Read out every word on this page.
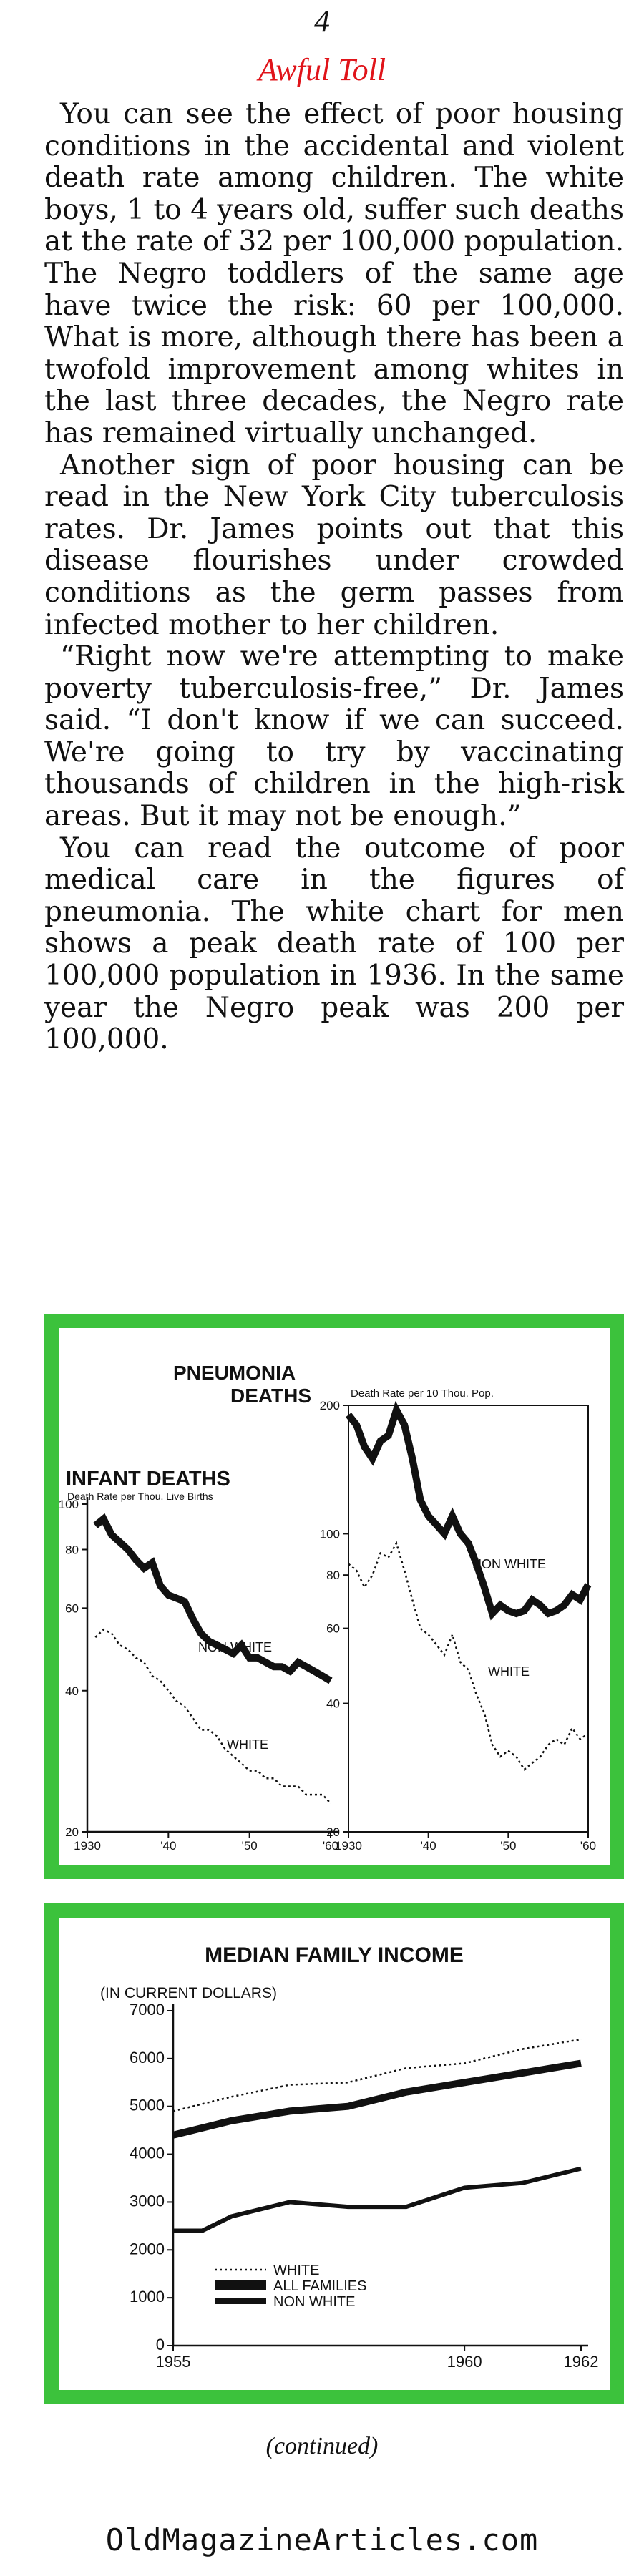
4
Awful Toll

You can see the effect of poor housing conditions in the accidental and violent death rate among children. The white boys, 1 to 4 years old, suffer such deaths at the rate of 32 per 100,000 population. The Negro toddlers of the same age have twice the risk: 60 per 100,000. What is more, although there has been a twofold improvement among whites in the last three decades, the Negro rate has remained virtually unchanged.

Another sign of poor housing can be read in the New York City tuberculosis rates. Dr. James points out that this disease flourishes under crowded conditions as the germ passes from infected mother to her children.

“Right now we're attempting to make poverty tuberculosis-free,” Dr. James said. “I don't know if we can succeed. We're going to try by vaccinating thousands of children in the high-risk areas. But it may not be enough.”

You can read the outcome of poor medical care in the figures of pneumonia. The white chart for men shows a peak death rate of 100 per 100,000 population in 1936. In the same year the Negro peak was 200 per 100,000.

20
40
60
80
100
1930	'40	'50	'60
INFANT DEATHS
Death Rate per Thou. Live Births
NON WHITE
WHITE
20
40
60
80
100
200
1930	'40	'50	'60
PNEUMONIA
DEATHS	Death Rate per 10 Thou. Pop.
NON WHITE
WHITE
0
1000
2000
3000
4000
5000
6000
7000
1955	1960	1962
MEDIAN FAMILY INCOME
(IN CURRENT DOLLARS)
WHITE
ALL FAMILIES
NON WHITE
(continued)
OldMagazineArticles.com
